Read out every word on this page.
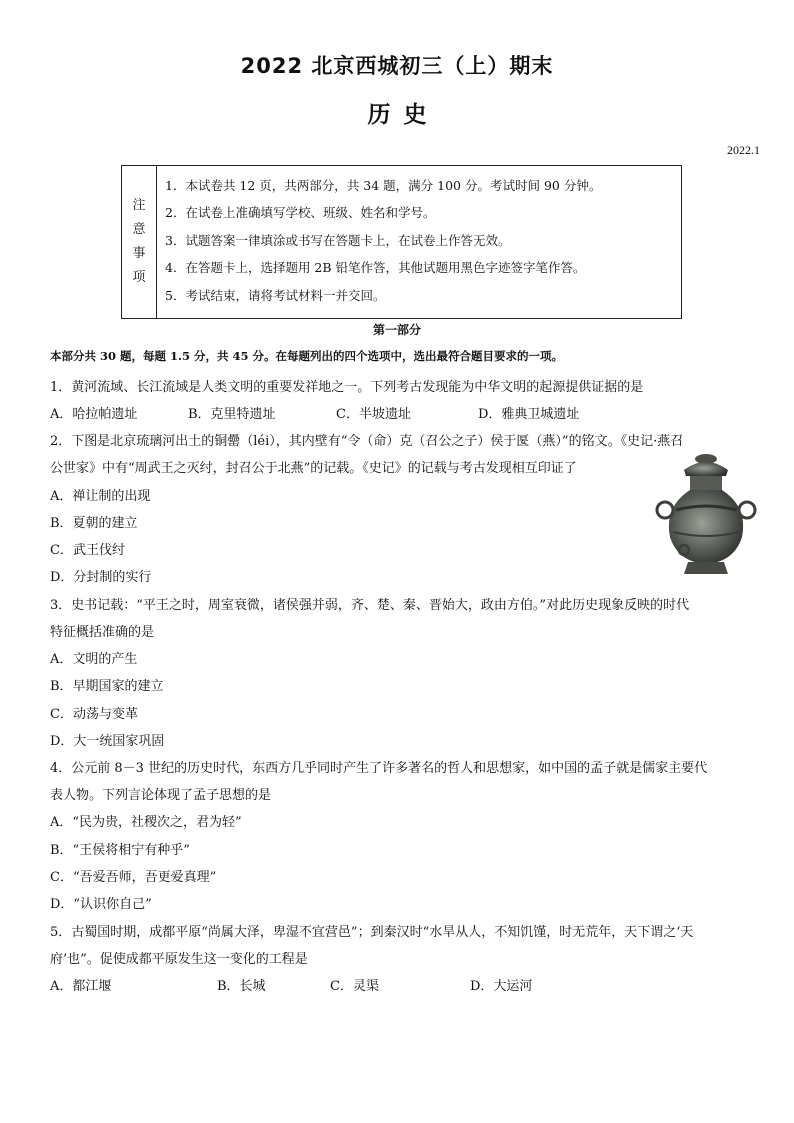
2022 北京西城初三（上）期末
历 史
2022.1
注
意
事
项
1．本试卷共 12 页，共两部分，共 34 题，满分 100 分。考试时间 90 分钟。
2．在试卷上准确填写学校、班级、姓名和学号。
3．试题答案一律填涂或书写在答题卡上，在试卷上作答无效。
4．在答题卡上，选择题用 2B 铅笔作答，其他试题用黑色字迹签字笔作答。
5．考试结束，请将考试材料一并交回。
第一部分
本部分共 30 题，每题 1.5 分，共 45 分。在每题列出的四个选项中，选出最符合题目要求的一项。
1．黄河流域、长江流域是人类文明的重要发祥地之一。下列考古发现能为中华文明的起源提供证据的是
A．哈拉帕遗址	B．克里特遗址	C．半坡遗址	D．雅典卫城遗址
2．下图是北京琉璃河出土的铜罍（léi），其内壁有“令（命）克（召公之子）侯于匽（燕）”的铭文。《史记·燕召
公世家》中有“周武王之灭纣，封召公于北燕”的记载。《史记》的记载与考古发现相互印证了
A．禅让制的出现
B．夏朝的建立
C．武王伐纣
D．分封制的实行
3．史书记载：“平王之时，周室衰微，诸侯强并弱，齐、楚、秦、晋始大，政由方伯。”对此历史现象反映的时代
特征概括准确的是
A．文明的产生
B．早期国家的建立
C．动荡与变革
D．大一统国家巩固
4．公元前 8－3 世纪的历史时代，东西方几乎同时产生了许多著名的哲人和思想家，如中国的孟子就是儒家主要代
表人物。下列言论体现了孟子思想的是
A．“民为贵，社稷次之，君为轻”
B．“王侯将相宁有种乎”
C．“吾爱吾师，吾更爱真理”
D．“认识你自己”
5．古蜀国时期，成都平原“尚属大泽，卑湿不宜营邑”；到秦汉时“水旱从人，不知饥馑，时无荒年，天下谓之‘天
府’也”。促使成都平原发生这一变化的工程是
A．都江堰	B．长城	C．灵渠	D．大运河
